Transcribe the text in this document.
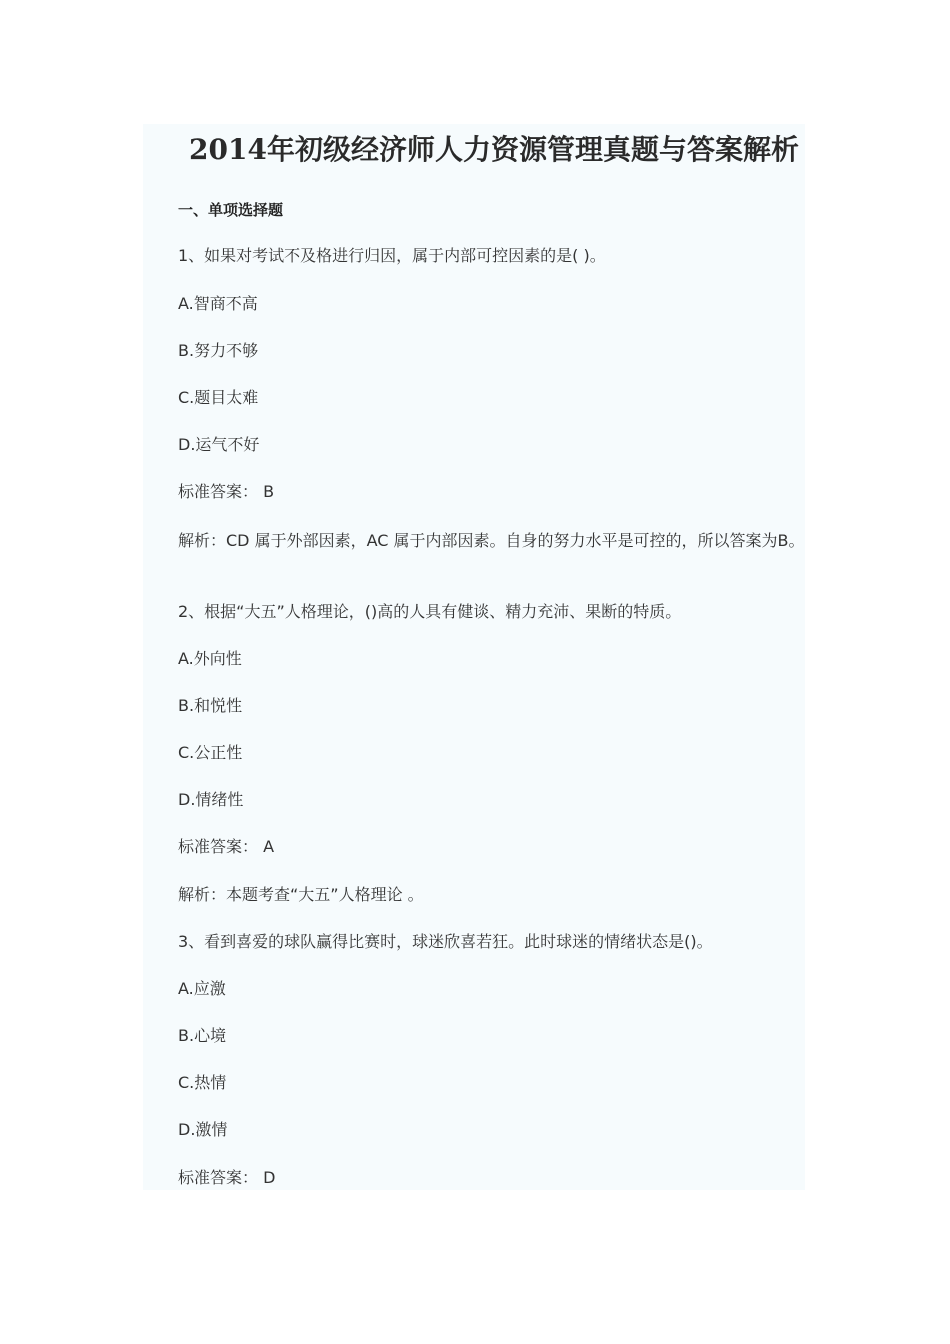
2014年初级经济师人力资源管理真题与答案解析
一、单项选择题
1、如果对考试不及格进行归因，属于内部可控因素的是( )。
A.智商不高
B.努力不够
C.题目太难
D.运气不好
标准答案： B
解析：CD 属于外部因素，AC 属于内部因素。自身的努力水平是可控的，所以答案为B。
2、根据“大五”人格理论，()高的人具有健谈、精力充沛、果断的特质。
A.外向性
B.和悦性
C.公正性
D.情绪性
标准答案： A
解析：本题考查“大五”人格理论 。
3、看到喜爱的球队赢得比赛时，球迷欣喜若狂。此时球迷的情绪状态是()。
A.应激
B.心境
C.热情
D.激情
标准答案： D
